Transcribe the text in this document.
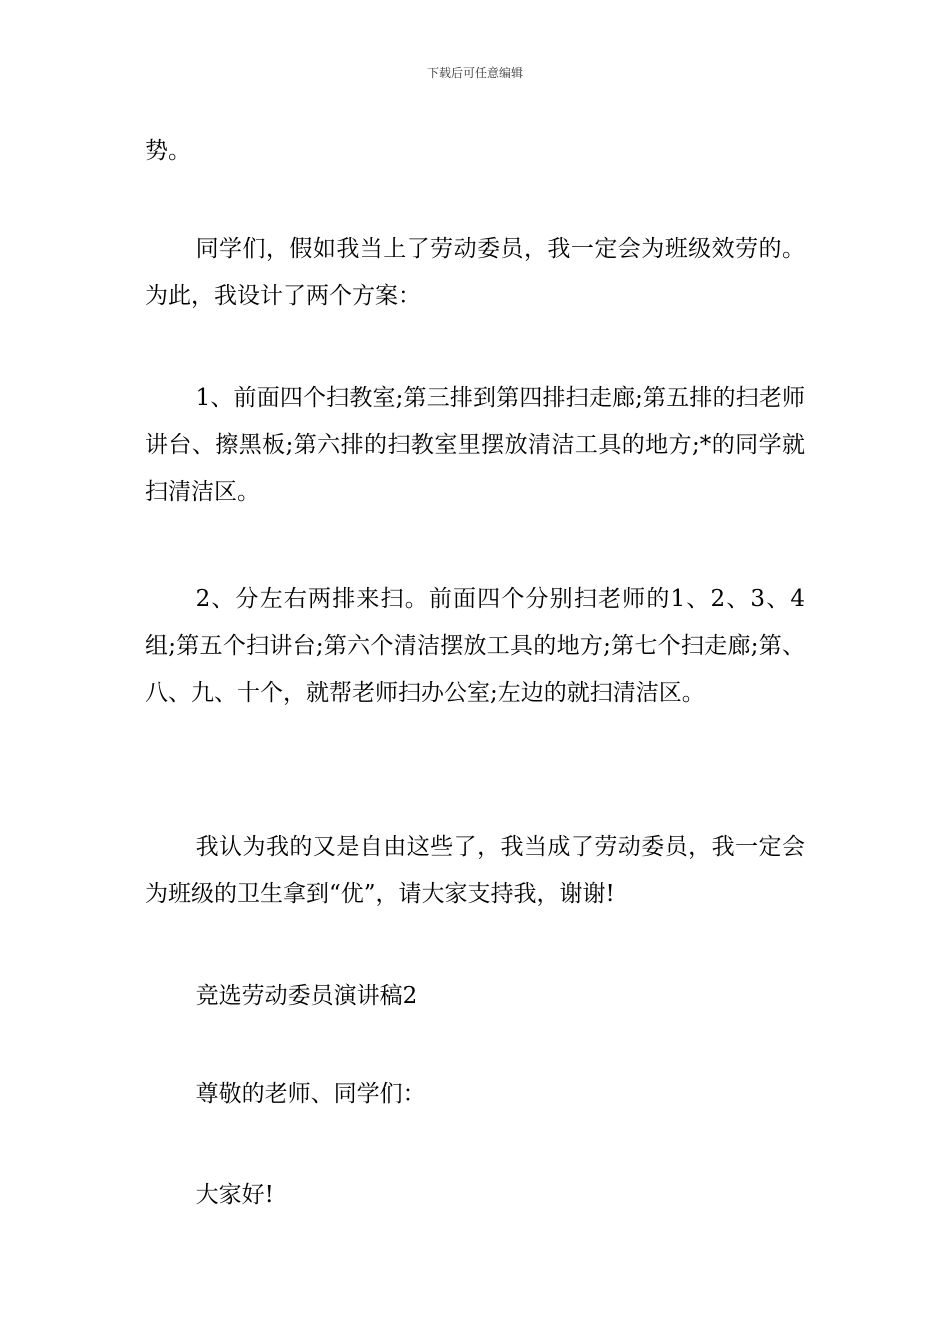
下载后可任意编辑

势。

同学们，假如我当上了劳动委员，我一定会为班级效劳的。为此，我设计了两个方案：

1、前面四个扫教室;第三排到第四排扫走廊;第五排的扫老师讲台、擦黑板;第六排的扫教室里摆放清洁工具的地方;*的同学就扫清洁区。

2、分左右两排来扫。前面四个分别扫老师的1、2、3、4组;第五个扫讲台;第六个清洁摆放工具的地方;第七个扫走廊;第、八、九、十个，就帮老师扫办公室;左边的就扫清洁区。

我认为我的又是自由这些了，我当成了劳动委员，我一定会为班级的卫生拿到“优”，请大家支持我，谢谢!

竞选劳动委员演讲稿2

尊敬的老师、同学们：

大家好!
